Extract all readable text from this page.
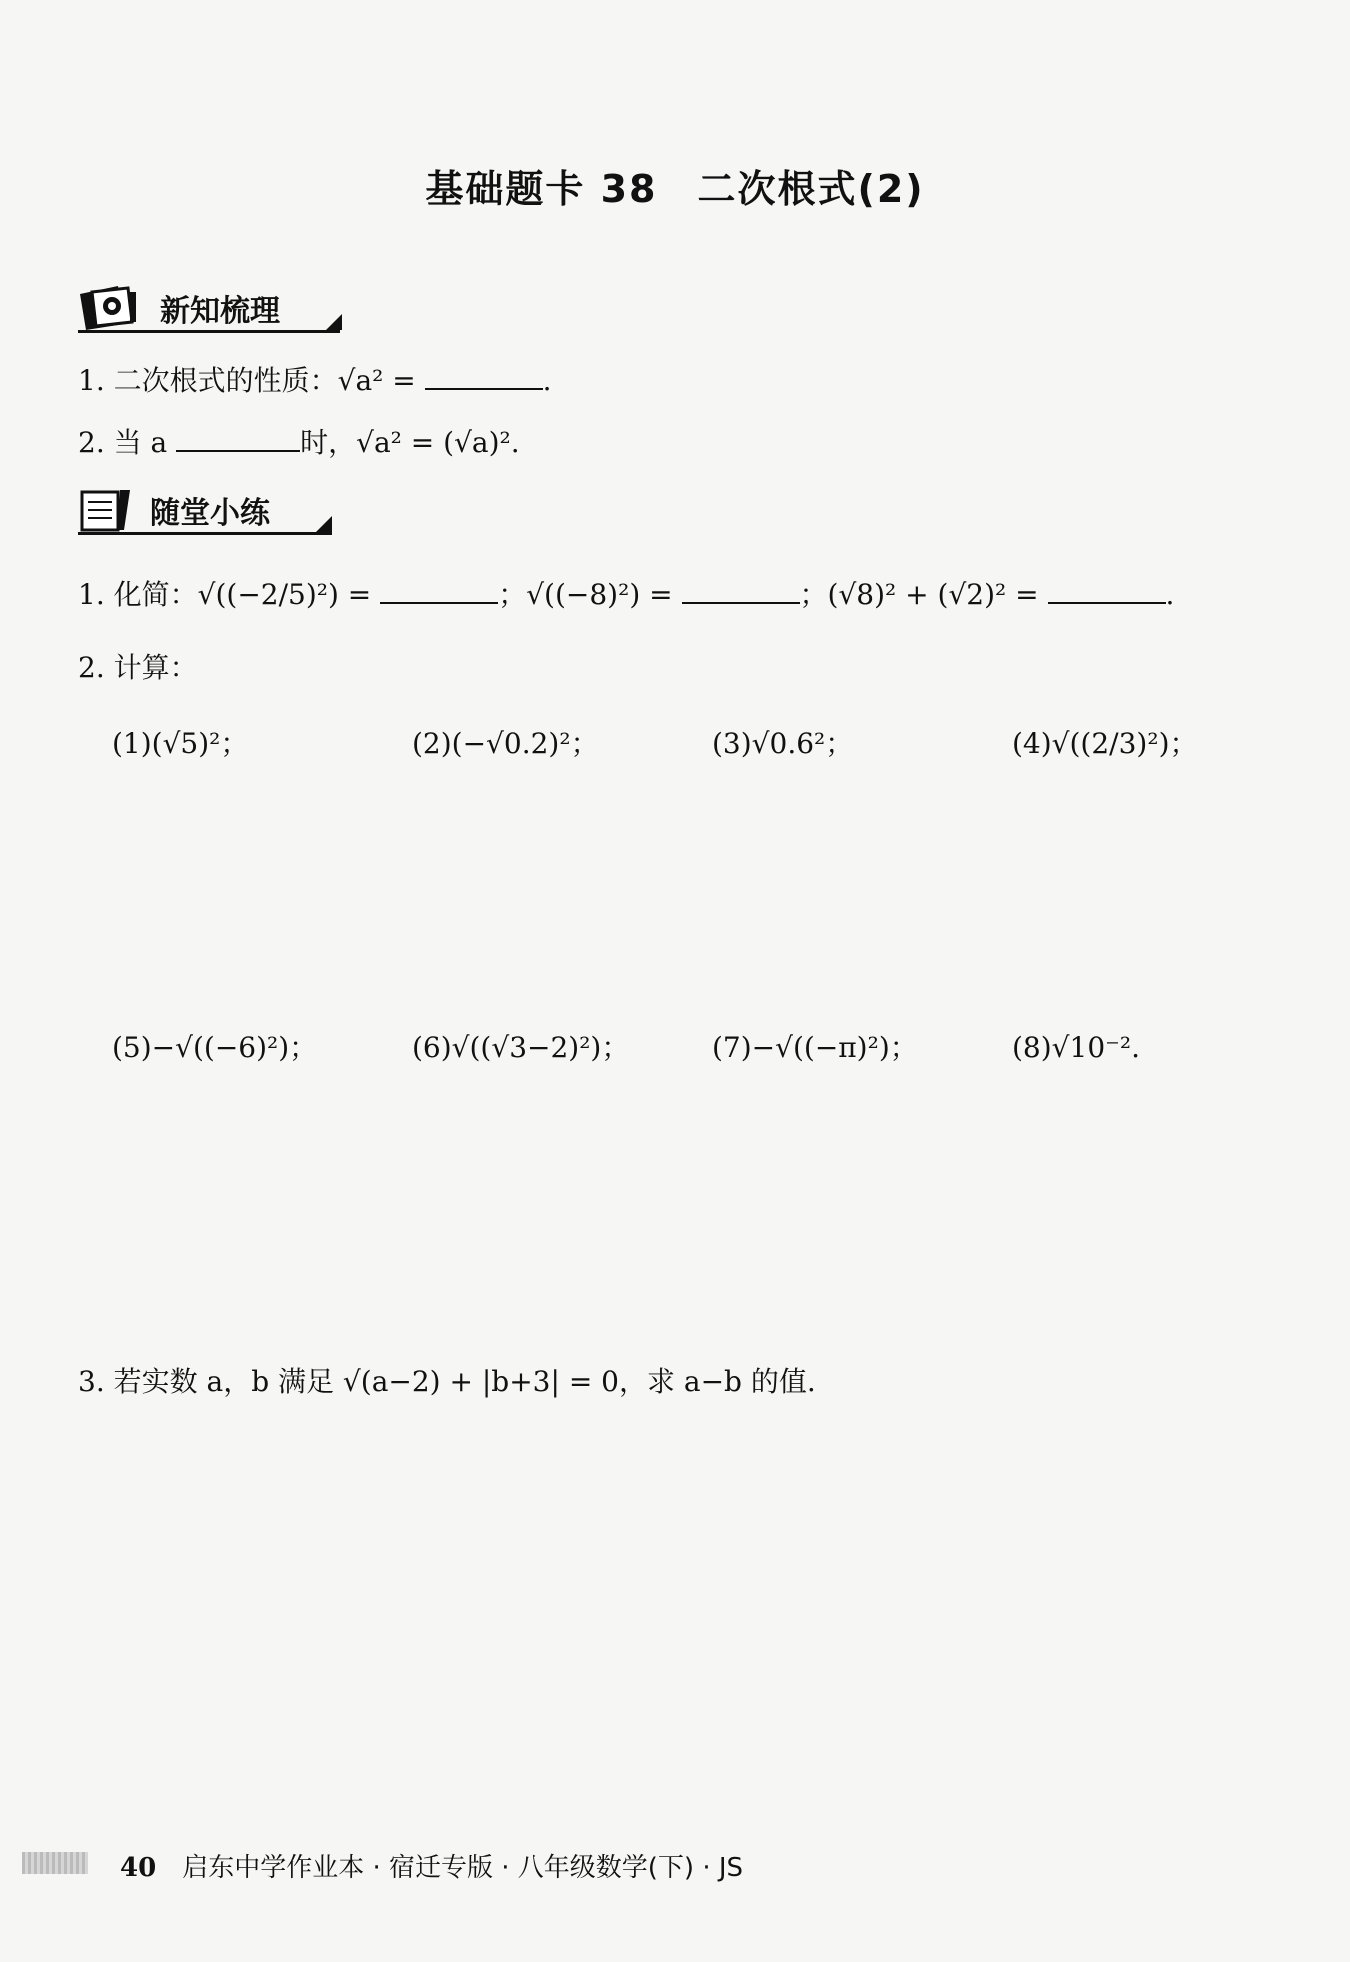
基础题卡 38　二次根式(2)
新知梳理
1. 二次根式的性质：√a² =	.
2. 当 a	时，√a² = (√a)².
随堂小练
1. 化简：√((−2/5)²) =	；√((−8)²) =	；(√8)² + (√2)² =	.
2. 计算：
(1)(√5)²；	(2)(−√0.2)²；	(3)√0.6²；	(4)√((2/3)²)；
(5)−√((−6)²)；	(6)√((√3−2)²)；	(7)−√((−π)²)；	(8)√10⁻².
3. 若实数 a，b 满足 √(a−2) + |b+3| = 0，求 a−b 的值.
40 启东中学作业本 · 宿迁专版 · 八年级数学(下) · JS
